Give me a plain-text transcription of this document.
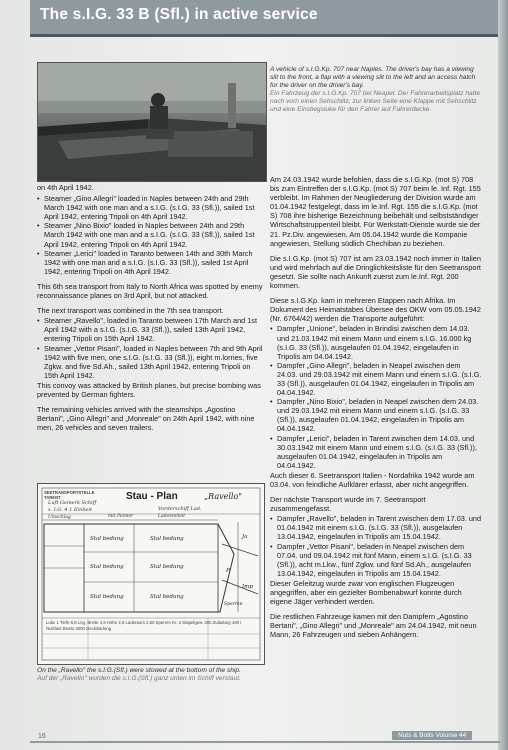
The s.I.G. 33 B (Sfl.) in active service
A vehicle of s.I.G.Kp. 707 near Naples. The driver's bay has a viewing slit to the front, a flap with a viewing slit to the left and an access hatch for the driver on the driver's bay.
Ein Fahrzeug der s.I.G.Kp. 707 bei Neapel. Der Fahrerarbeitsplatz hatte nach vorn einen Sehschlitz, zur linken Seite eine Klappe mit Sehschlitz und eine Einstiegsluke für den Fahrer auf Fahrerdecke.

on 4th April 1942.

• Steamer „Gino Allegri" loaded in Naples between 24th and 29th March 1942 with one man and a s.I.G. (s.I.G. 33 (Sfl.)), sailed 1st April 1942, entering Tripoli on 4th April 1942.
• Steamer „Nino Bixio" loaded in Naples between 24th and 29th March 1942 with one man and a s.I.G. (s.I.G. 33 (Sfl.)), sailed 1st April 1942, entering Tripoli on 4th April 1942.
• Steamer „Lerici" loaded in Taranto between 14th and 30th March 1942 with one man and a s.I.G. (s.I.G. 33 (Sfl.)), sailed 1st April 1942, entering Tripoli on 4th April 1942.

This 6th sea transport from Italy to North Africa was spotted by enemy reconnaissance planes on 3rd April, but not attacked.

The next transport was combined in the 7th sea transport.

• Steamer „Ravello", loaded in Taranto between 17th March and 1st April 1942 with a s.I.G. (s.I.G. 33 (Sfl.)), sailed 13th April 1942, entering Tripoli on 15th April 1942.
• Steamer „Vettor Pisani", loaded in Naples between 7th and 9th April 1942 with five men, one s.I.G. (s.I.G. 33 (Sfl.)), eight m.lorries, five Zgkw. and five Sd.Ah., sailed 13th April 1942, entering Tripoli on 15th April 1942.

This convoy was attacked by British planes, but precise bombing was prevented by German fighters.

The remaining vehicles arrived with the steamships „Agostino Bertani", „Gino Allegri" and „Monreale" on 24th April 1942, with nine men, 26 vehicles and seven trailers.

SEETRANSPORTSTELLE TARENT	Stau - Plan	„Ravello"
Luft Gemerk Schiff
s. I.G. 4 1 Einheit	Vorderschiff Lad.
Ladeeinheit
mit Pionier
Umschlag
Stal bedung
Stal bedung
Stal bedung
Stal bedung
Stal bedung
Stal bedung
Ja
P
Imp
Sperren
Luke 1 Tiefe 6,6 Lng. Breite 4,8 Höhe 2,6 Laderaum 2,60 Sperren Kr. 2 Stapelgew. 200 Zuladung 190 t Nutzlast Brutto 3000 Decksladung
On the „Ravello" the s.I.G.(Sfl.) were stowed at the bottom of the ship.
Auf der „Ravello" wurden die s.I.G.(Sfl.) ganz unten im Schiff verstaut.

Am 24.03.1942 wurde befohlen, dass die s.I.G.Kp. (mot S) 708 bis zum Eintreffen der s.I.G.Kp. (mot S) 707 beim le. Inf. Rgt. 155 verbleibt. Im Rahmen der Neugliederung der Division wurde am 01.04.1942 festgelegt, dass im le.Inf. Rgt. 155 die s.I.G.Kp. (mot S) 708 ihre bisherige Bezeichnung beibehält und selbstständiger Wirtschaftstruppenteil bleibt. Für Werkstatt-Dienste wurde sie der 21. Pz.Div. angewiesen. Am 05.04.1942 wurde die Kompanie angewiesen, Stellung südlich Chechiban zu beziehen.

Die s.I.G.Kp. (mot S) 707 ist am 23.03.1942 noch immer in Italien und wird mehrfach auf die Dringlichkeitsliste für den Seetransport gesetzt. Sie sollte nach Ankunft zuerst zum le.Inf. Rgt. 200 kommen.

Diese s.I.G.Kp. kam in mehreren Etappen nach Afrika. Im Dokument des Heimatstabes Übersee des OKW vom 05.05.1942 (Nr. 6764/42) werden die Transporte aufgeführt:

• Dampfer „Unione", beladen in Brindisi zwischen dem 14.03. und 21.03.1942 mit einem Mann und einem s.I.G. 16.000 kg (s.I.G. 33 (Sfl.)), ausgelaufen 01.04.1942, eingelaufen in Tripolis am 04.04.1942.
• Dampfer „Gino Allegri", beladen in Neapel zwischen dem 24.03. und 29.03.1942 mit einem Mann und einem s.I.G. (s.I.G. 33 (Sfl.)), ausgelaufen 01.04.1942, eingelaufen in Tripolis am 04.04.1942.
• Dampfer „Nino Bixio", beladen in Neapel zwischen dem 24.03. und 29.03.1942 mit einem Mann und einem s.I.G. (s.I.G. 33 (Sfl.)), ausgelaufen 01.04.1942, eingelaufen in Tripolis am 04.04.1942.
• Dampfer „Lerici", beladen in Tarent zwischen dem 14.03. und 30.03.1942 mit einem Mann und einem s.I.G. (s.I.G. 33 (Sfl.)), ausgelaufen 01.04.1942, eingelaufen in Tripolis am 04.04.1942.

Auch dieser 6. Seetransport Italien - Nordafrika 1942 wurde am 03.04. von feindliche Aufklärer erfasst, aber nicht angegriffen.

Der nächste Transport wurde im 7. Seetransport zusammengefasst.

• Dampfer „Ravello", beladen in Tarent zwischen dem 17.03. und 01.04.1942 mit einem s.I.G. (s.I.G. 33 (Sfl.)), ausgelaufen 13.04.1942, eingelaufen in Tripolis am 15.04.1942.
• Dampfer „Vettor Pisani", beladen in Neapel zwischen dem 07.04. und 09.04.1942 mit fünf Mann, einem s.I.G. (s.I.G. 33 (Sfl.)), acht m.Lkw., fünf Zgkw. und fünf Sd.Ah., ausgelaufen 13.04.1942, eingelaufen in Tripolis am 15.04.1942.

Dieser Geleitzug wurde zwar von englischen Flugzeugen angegriffen, aber ein gezielter Bombenabwurf konnte durch eigene Jäger verhindert werden.

Die restlichen Fahrzeuge kamen mit den Dampfern „Agostino Bertani", „Gino Allegri" und „Monreale" am 24.04.1942, mit neun Mann, 26 Fahrzeugen und sieben Anhängern.

16	Nuts & Bolts Volume 44
